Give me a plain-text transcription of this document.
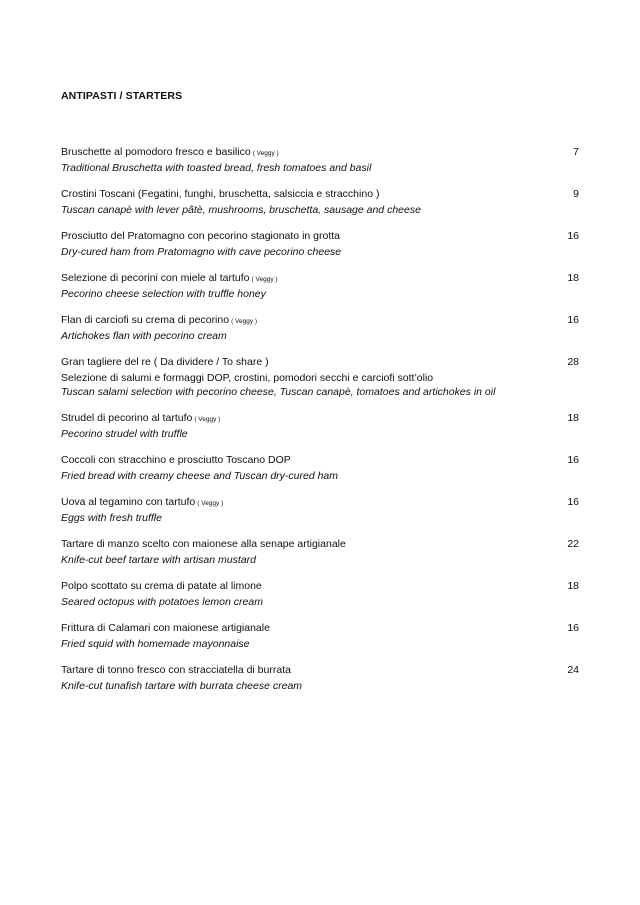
ANTIPASTI / STARTERS
Bruschette al pomodoro fresco e basilico ( Veggy )
Traditional Bruschetta with toasted bread, fresh tomatoes and basil
7
Crostini Toscani (Fegatini, funghi, bruschetta, salsiccia e stracchino )
Tuscan canapè with lever pâtè, mushrooms, bruschetta, sausage and cheese
9
Prosciutto del Pratomagno con pecorino stagionato in grotta
Dry-cured ham from Pratomagno with cave pecorino cheese
16
Selezione di pecorini con miele al tartufo ( Veggy )
Pecorino cheese selection with truffle honey
18
Flan di carciofi su crema di pecorino ( Veggy )
Artichokes flan with pecorino cream
16
Gran tagliere del re ( Da dividere / To share )
Selezione di salumi e formaggi DOP, crostini, pomodori secchi e carciofi sott’olio
Tuscan salami selection with pecorino cheese, Tuscan canapè, tomatoes and artichokes in oil
28
Strudel di pecorino al tartufo ( Veggy )
Pecorino strudel with truffle
18
Coccoli con stracchino e prosciutto Toscano DOP
Fried bread with creamy cheese and Tuscan dry-cured ham
16
Uova al tegamino con tartufo ( Veggy )
Eggs with fresh truffle
16
Tartare di manzo scelto con maionese alla senape artigianale
Knife-cut beef tartare with artisan mustard
22
Polpo scottato su crema di patate al limone
Seared octopus with potatoes lemon cream
18
Frittura di Calamari con maionese artigianale
Fried squid with homemade mayonnaise
16
Tartare di tonno fresco con stracciatella di burrata
Knife-cut tunafish tartare with burrata cheese cream
24
